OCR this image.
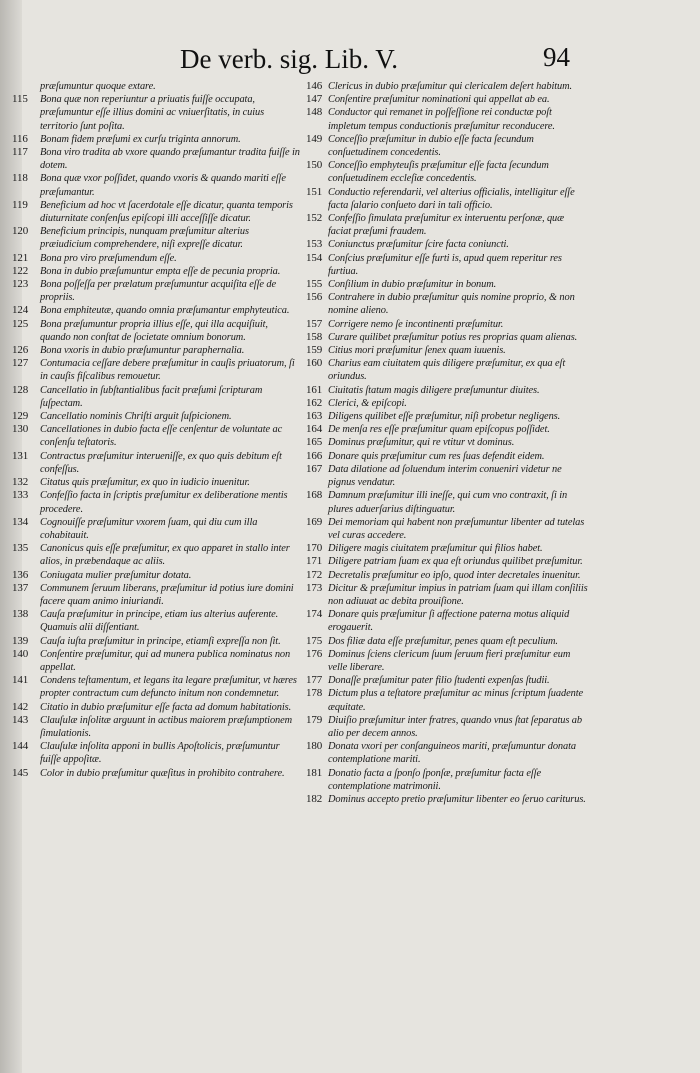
De verb. sig. Lib. V.	94
præſumuntur quoque extare.
115	Bona quæ non reperiuntur a priuatis fuiſſe occupata, præſumuntur eſſe illius domini ac vniuerſitatis, in cuius territorio ſunt poſita.
116	Bonam fidem præſumi ex curſu triginta annorum.
117	Bona viro tradita ab vxore quando præſumantur tradita fuiſſe in dotem.
118	Bona quæ vxor poſſidet, quando vxoris & quando mariti eſſe præſumantur.
119	Beneficium ad hoc vt ſacerdotale eſſe dicatur, quanta temporis diuturnitate conſenſus epiſcopi illi acceſſiſſe dicatur.
120	Beneficium principis, nunquam præſumitur alterius præiudicium comprehendere, niſi expreſſe dicatur.
121	Bona pro viro præſumendum eſſe.
122	Bona in dubio præſumuntur empta eſſe de pecunia propria.
123	Bona poſſeſſa per prælatum præſumuntur acquiſita eſſe de propriis.
124	Bona emphiteutæ, quando omnia præſumantur emphyteutica.
125	Bona præſumuntur propria illius eſſe, qui illa acquiſiuit, quando non conſtat de ſocietate omnium bonorum.
126	Bona vxoris in dubio præſumuntur paraphernalia.
127	Contumacia ceſſare debere præſumitur in cauſis priuatorum, ſi in cauſis fiſcalibus remouetur.
128	Cancellatio in ſubſtantialibus facit præſumi ſcripturam ſuſpectam.
129	Cancellatio nominis Chriſti arguit ſuſpicionem.
130	Cancellationes in dubio facta eſſe cenſentur de voluntate ac conſenſu teſtatoris.
131	Contractus præſumitur interueniſſe, ex quo quis debitum eſt confeſſus.
132	Citatus quis præſumitur, ex quo in iudicio inuenitur.
133	Confeſſio facta in ſcriptis præſumitur ex deliberatione mentis procedere.
134	Cognouiſſe præſumitur vxorem ſuam, qui diu cum illa cohabitauit.
135	Canonicus quis eſſe præſumitur, ex quo apparet in stallo inter alios, in præbendaque ac aliis.
136	Coniugata mulier præſumitur dotata.
137	Communem ſeruum liberans, præſumitur id potius iure domini facere quam animo iniuriandi.
138	Cauſa præſumitur in principe, etiam ius alterius auferente. Quamuis alii diſſentiant.
139	Cauſa iuſta præſumitur in principe, etiamſi expreſſa non ſit.
140	Conſentire præſumitur, qui ad munera publica nominatus non appellat.
141	Condens teſtamentum, et legans ita legare præſumitur, vt hæres propter contractum cum defuncto initum non condemnetur.
142	Citatio in dubio præſumitur eſſe facta ad domum habitationis.
143	Clauſulæ inſolitæ arguunt in actibus maiorem præſumptionem ſimulationis.
144	Clauſulæ inſolita apponi in bullis Apoſtolicis, præſumuntur fuiſſe appoſitæ.
145	Color in dubio præſumitur quæſitus in prohibito contrahere.
146 Clericus in dubio præſumitur qui clericalem deſert habitum.
147 Conſentire præſumitur nominationi qui appellat ab ea.
148 Conductor qui remanet in poſſeſſione rei conductæ poſt impletum tempus conductionis præſumitur reconducere.
149 Conceſſio præſumitur in dubio eſſe facta ſecundum conſuetudinem concedentis.
150 Conceſſio emphyteuſis præſumitur eſſe facta ſecundum conſuetudinem eccleſiæ concedentis.
151 Conductio referendarii, vel alterius officialis, intelligitur eſſe facta ſalario conſueto dari in tali officio.
152 Confeſſio ſimulata præſumitur ex interuentu perſonæ, quæ faciat præſumi fraudem.
153 Coniunctus præſumitur ſcire facta coniuncti.
154 Conſcius præſumitur eſſe furti is, apud quem reperitur res furtiua.
155 Conſilium in dubio præſumitur in bonum.
156 Contrahere in dubio præſumitur quis nomine proprio, & non nomine alieno.
157 Corrigere nemo ſe incontinenti præſumitur.
158 Curare quilibet præſumitur potius res proprias quam alienas.
159 Citius mori præſumitur ſenex quam iuuenis.
160 Charius eam ciuitatem quis diligere præſumitur, ex qua eſt oriundus.
161 Ciuitatis ſtatum magis diligere præſumuntur diuites.
162 Clerici, & epiſcopi.
163 Diligens quilibet eſſe præſumitur, niſi probetur negligens.
164 De menſa res eſſe præſumitur quam epiſcopus poſſidet.
165 Dominus præſumitur, qui re vtitur vt dominus.
166 Donare quis præſumitur cum res ſuas defendit eidem.
167 Data dilatione ad ſoluendum interim conueniri videtur ne pignus vendatur.
168 Damnum præſumitur illi ineſſe, qui cum vno contraxit, ſi in plures aduerſarius diſtinguatur.
169 Dei memoriam qui habent non præſumuntur libenter ad tutelas vel curas accedere.
170 Diligere magis ciuitatem præſumitur qui filios habet.
171 Diligere patriam ſuam ex qua eſt oriundus quilibet præſumitur.
172 Decretalis præſumitur eo ipſo, quod inter decretales inuenitur.
173 Dicitur & præſumitur impius in patriam ſuam qui illam conſiliis non adiuuat ac debita prouiſione.
174 Donare quis præſumitur ſi affectione paterna motus aliquid erogauerit.
175 Dos filiæ data eſſe præſumitur, penes quam eſt peculium.
176 Dominus ſciens clericum ſuum ſeruum fieri præſumitur eum velle liberare.
177 Donaſſe præſumitur pater filio ſtudenti expenſas ſtudii.
178 Dictum plus a teſtatore præſumitur ac minus ſcriptum ſuadente æquitate.
179 Diuiſio præſumitur inter fratres, quando vnus ſtat ſeparatus ab alio per decem annos.
180 Donata vxori per conſanguineos mariti, præſumuntur donata contemplatione mariti.
181 Donatio facta a ſponſo ſponſæ, præſumitur facta eſſe contemplatione matrimonii.
182 Dominus accepto pretio præſumitur libenter eo ſeruo cariturus.
